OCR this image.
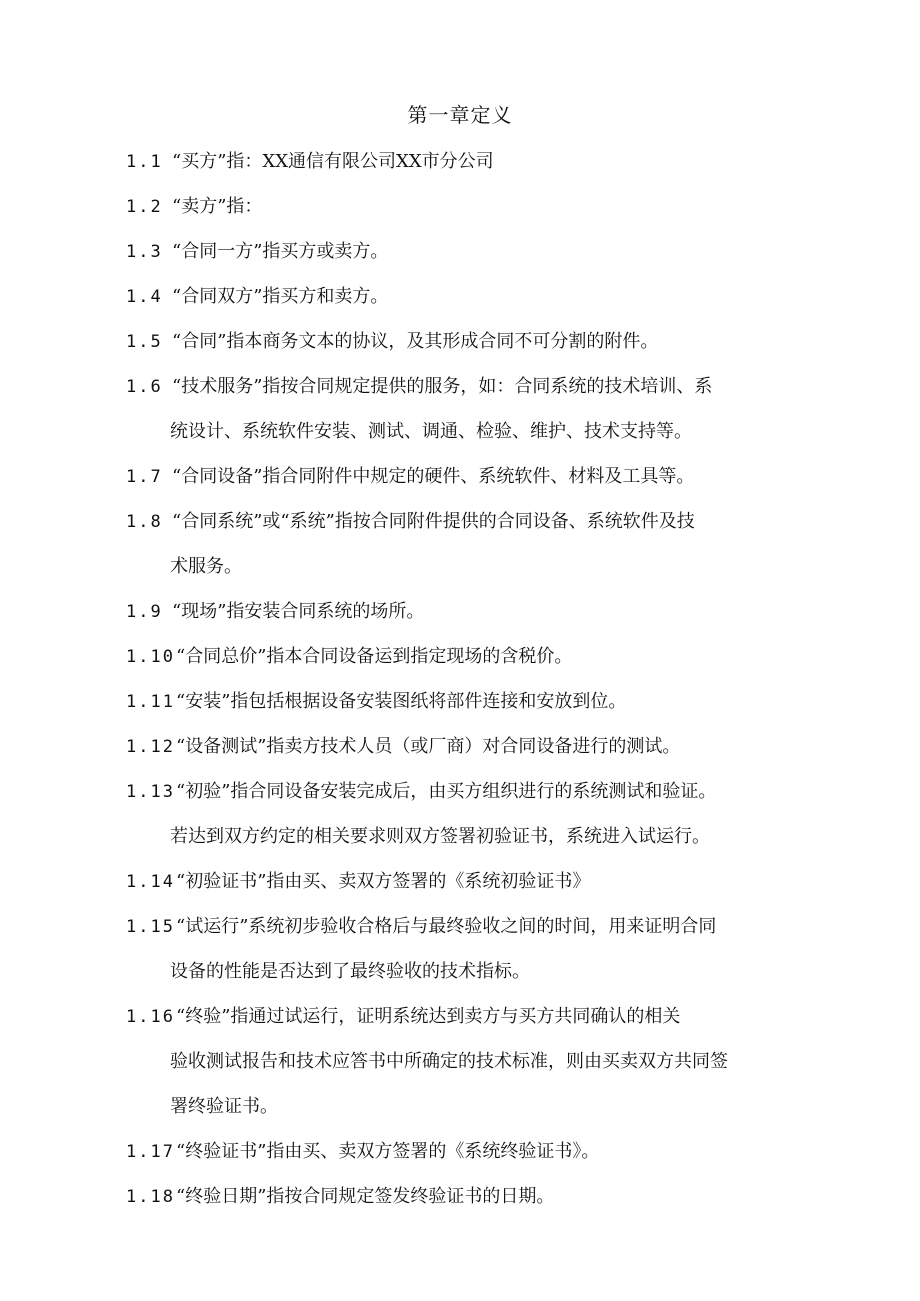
第一章定义
1.1 “买方”指：XX通信有限公司XX市分公司
1.2 “卖方”指：
1.3 “合同一方”指买方或卖方。
1.4 “合同双方”指买方和卖方。
1.5 “合同”指本商务文本的协议，及其形成合同不可分割的附件。
1.6 “技术服务”指按合同规定提供的服务，如：合同系统的技术培训、系
统设计、系统软件安装、测试、调通、检验、维护、技术支持等。
1.7 “合同设备”指合同附件中规定的硬件、系统软件、材料及工具等。
1.8 “合同系统”或“系统”指按合同附件提供的合同设备、系统软件及技
术服务。
1.9 “现场”指安装合同系统的场所。
1.10“合同总价”指本合同设备运到指定现场的含税价。
1.11“安装”指包括根据设备安装图纸将部件连接和安放到位。
1.12“设备测试”指卖方技术人员（或厂商）对合同设备进行的测试。
1.13“初验”指合同设备安装完成后，由买方组织进行的系统测试和验证。
若达到双方约定的相关要求则双方签署初验证书，系统进入试运行。
1.14“初验证书”指由买、卖双方签署的《系统初验证书》
1.15“试运行”系统初步验收合格后与最终验收之间的时间，用来证明合同
设备的性能是否达到了最终验收的技术指标。
1.16“终验”指通过试运行，证明系统达到卖方与买方共同确认的相关
验收测试报告和技术应答书中所确定的技术标准，则由买卖双方共同签
署终验证书。
1.17“终验证书”指由买、卖双方签署的《系统终验证书》。
1.18“终验日期”指按合同规定签发终验证书的日期。
